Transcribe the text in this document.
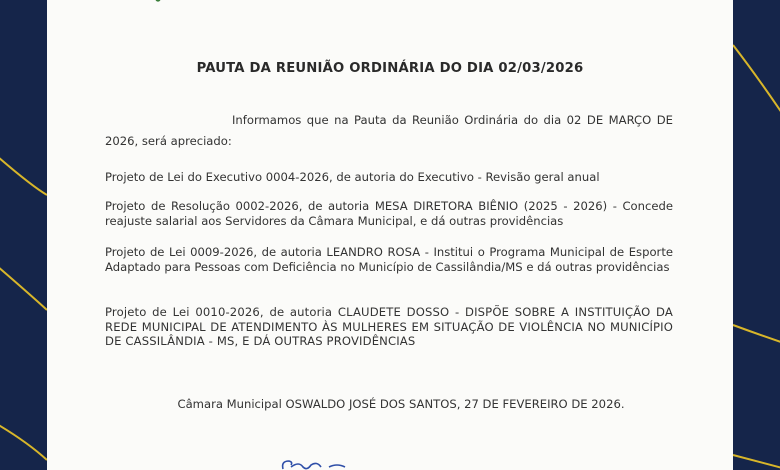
PAUTA DA REUNIÃO ORDINÁRIA DO DIA 02/03/2026
Informamos que na Pauta da Reunião Ordinária do dia 02 DE MARÇO DE 2026, será apreciado:
Projeto de Lei do Executivo 0004-2026, de autoria do Executivo - Revisão geral anual
Projeto de Resolução 0002-2026, de autoria MESA DIRETORA BIÊNIO (2025 - 2026) - Concede reajuste salarial aos Servidores da Câmara Municipal, e dá outras providências
Projeto de Lei 0009-2026, de autoria LEANDRO ROSA - Institui o Programa Municipal de Esporte Adaptado para Pessoas com Deficiência no Município de Cassilândia/MS e dá outras providências
Projeto de Lei 0010-2026, de autoria CLAUDETE DOSSO - DISPÕE SOBRE A INSTITUIÇÃO DA REDE MUNICIPAL DE ATENDIMENTO ÀS MULHERES EM SITUAÇÃO DE VIOLÊNCIA NO MUNICÍPIO DE CASSILÂNDIA - MS, E DÁ OUTRAS PROVIDÊNCIAS
Câmara Municipal OSWALDO JOSÉ DOS SANTOS, 27 DE FEVEREIRO DE 2026.
